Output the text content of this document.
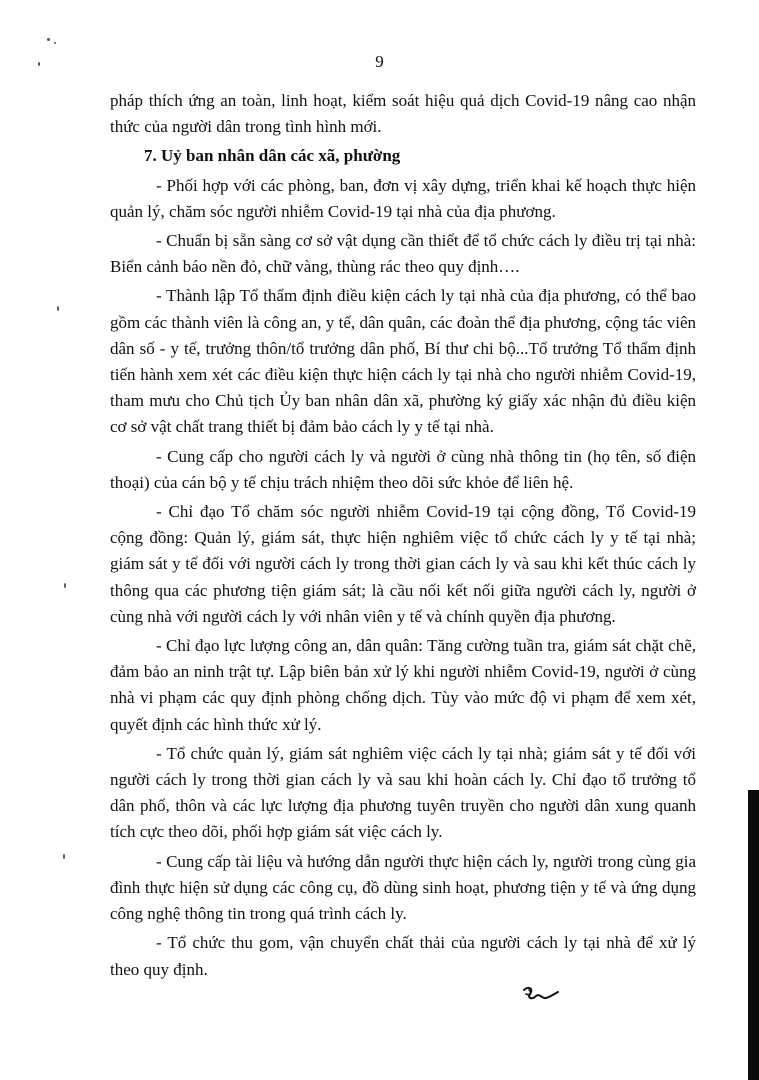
9

pháp thích ứng an toàn, linh hoạt, kiểm soát hiệu quả dịch Covid-19 nâng cao nhận thức của người dân trong tình hình mới.

7. Uỷ ban nhân dân các xã, phường

- Phối hợp với các phòng, ban, đơn vị xây dựng, triển khai kế hoạch thực hiện quản lý, chăm sóc người nhiễm Covid-19 tại nhà của địa phương.

- Chuẩn bị sẵn sàng cơ sở vật dụng cần thiết để tổ chức cách ly điều trị tại nhà: Biển cảnh báo nền đỏ, chữ vàng, thùng rác theo quy định….

- Thành lập Tổ thẩm định điều kiện cách ly tại nhà của địa phương, có thể bao gồm các thành viên là công an, y tế, dân quân, các đoàn thể địa phương, cộng tác viên dân số - y tế, trưởng thôn/tổ trưởng dân phố, Bí thư chi bộ...Tổ trưởng Tổ thẩm định tiến hành xem xét các điều kiện thực hiện cách ly tại nhà cho người nhiễm Covid-19, tham mưu cho Chủ tịch Ủy ban nhân dân xã, phường ký giấy xác nhận đủ điều kiện cơ sở vật chất trang thiết bị đảm bảo cách ly y tế tại nhà.

- Cung cấp cho người cách ly và người ở cùng nhà thông tin (họ tên, số điện thoại) của cán bộ y tế chịu trách nhiệm theo dõi sức khỏe để liên hệ.

- Chỉ đạo Tổ chăm sóc người nhiễm Covid-19 tại cộng đồng, Tổ Covid-19 cộng đồng: Quản lý, giám sát, thực hiện nghiêm việc tổ chức cách ly y tế tại nhà; giám sát y tế đối với người cách ly trong thời gian cách ly và sau khi kết thúc cách ly thông qua các phương tiện giám sát; là cầu nối kết nối giữa người cách ly, người ở cùng nhà với người cách ly với nhân viên y tế và chính quyền địa phương.

- Chỉ đạo lực lượng công an, dân quân: Tăng cường tuần tra, giám sát chặt chẽ, đảm bảo an ninh trật tự. Lập biên bản xử lý khi người nhiễm Covid-19, người ở cùng nhà vi phạm các quy định phòng chống dịch. Tùy vào mức độ vi phạm để xem xét, quyết định các hình thức xử lý.

- Tổ chức quản lý, giám sát nghiêm việc cách ly tại nhà; giám sát y tế đối với người cách ly trong thời gian cách ly và sau khi hoàn cách ly. Chỉ đạo tổ trưởng tổ dân phố, thôn và các lực lượng địa phương tuyên truyền cho người dân xung quanh tích cực theo dõi, phối hợp giám sát việc cách ly.

- Cung cấp tài liệu và hướng dẫn người thực hiện cách ly, người trong cùng gia đình thực hiện sử dụng các công cụ, đồ dùng sinh hoạt, phương tiện y tế và ứng dụng công nghệ thông tin trong quá trình cách ly.

- Tổ chức thu gom, vận chuyển chất thải của người cách ly tại nhà để xử lý theo quy định.
